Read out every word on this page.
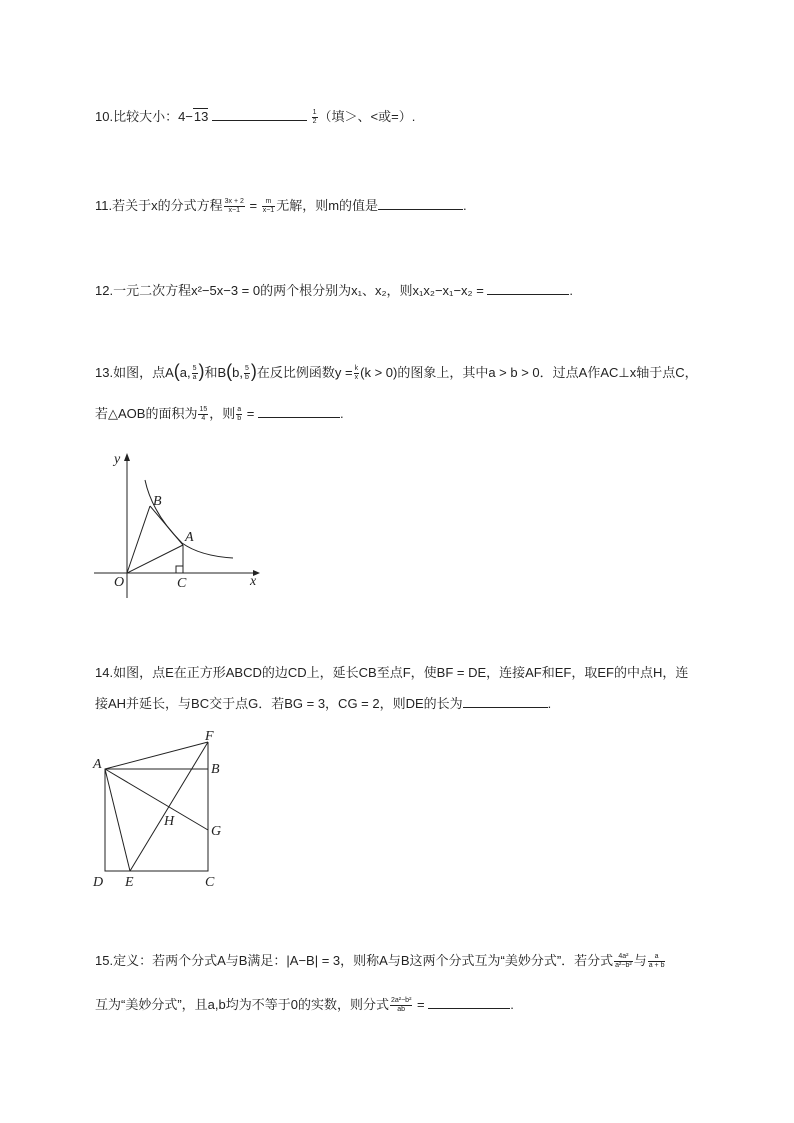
10.比较大小：4−13	$\frac{1}{2}$ （填＞、<或=）.
11.若关于x的分式方程 $\frac{3x + 2}{x-1} = \frac{m}{x-1}$ 无解，则m的值是	.
12.一元二次方程x²−5x−3 = 0的两个根分别为x₁、x₂，则x₁x₂−x₁−x₂ =	.
13.如图，点A(a, $\frac{5}{a}$ )和B(b, $\frac{5}{b}$ )在反比例函数$y = \frac{k}{x} (k > 0)$的图象上，其中a > b > 0．过点A作AC⊥x轴于点C，
若△AOB的面积为 $\frac{15}{4}$ ，则 $\frac{a}{b}$ =	.
y
x
O
B
A
C
14.如图，点E在正方形ABCD的边CD上，延长CB至点F，使BF = DE，连接AF和EF，取EF的中点H，连
接AH并延长，与BC交于点G．若BG = 3，CG = 2，则DE的长为	.
A
F
B
H
G
D E	C
15.定义：若两个分式A与B满足：|A−B| = 3，则称A与B这两个分式互为“美妙分式”．若分式 $\frac{\text{4a²}}{\text{a²−b²}}$ 与 $\frac{a}{a + b}$
互为“美妙分式”，且a,b均为不等于0的实数，则分式 $\frac{\text{2a²−b²}}{ab}$ =	.
